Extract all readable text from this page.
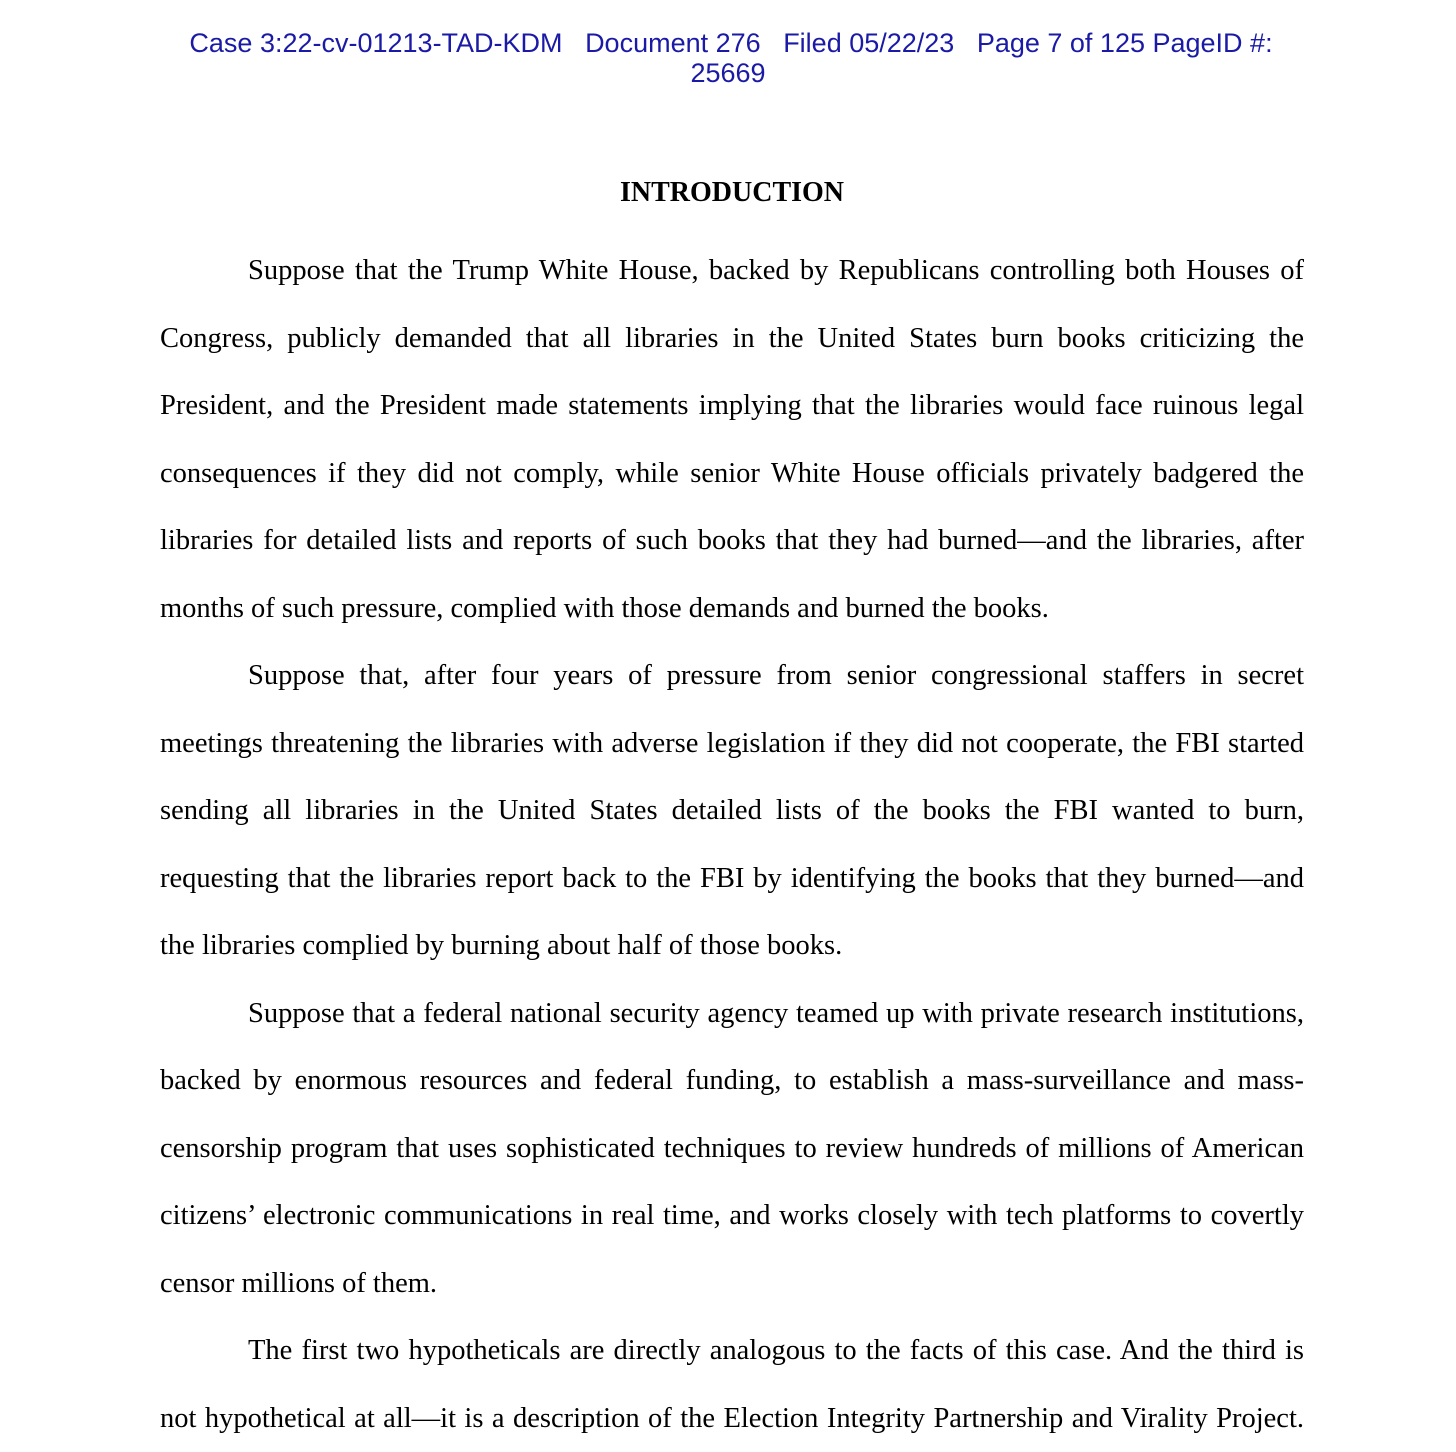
Case 3:22-cv-01213-TAD-KDM Document 276 Filed 05/22/23 Page 7 of 125 PageID #:
25669
INTRODUCTION

Suppose that the Trump White House, backed by Republicans controlling both Houses of Congress, publicly demanded that all libraries in the United States burn books criticizing the President, and the President made statements implying that the libraries would face ruinous legal consequences if they did not comply, while senior White House officials privately badgered the libraries for detailed lists and reports of such books that they had burned—and the libraries, after months of such pressure, complied with those demands and burned the books.

Suppose that, after four years of pressure from senior congressional staffers in secret meetings threatening the libraries with adverse legislation if they did not cooperate, the FBI started sending all libraries in the United States detailed lists of the books the FBI wanted to burn, requesting that the libraries report back to the FBI by identifying the books that they burned—and the libraries complied by burning about half of those books.

Suppose that a federal national security agency teamed up with private research institutions, backed by enormous resources and federal funding, to establish a mass-surveillance and mass-censorship program that uses sophisticated techniques to review hundreds of millions of American citizens’ electronic communications in real time, and works closely with tech platforms to covertly censor millions of them.

The first two hypotheticals are directly analogous to the facts of this case. And the third is not hypothetical at all—it is a description of the Election Integrity Partnership and Virality Project.
